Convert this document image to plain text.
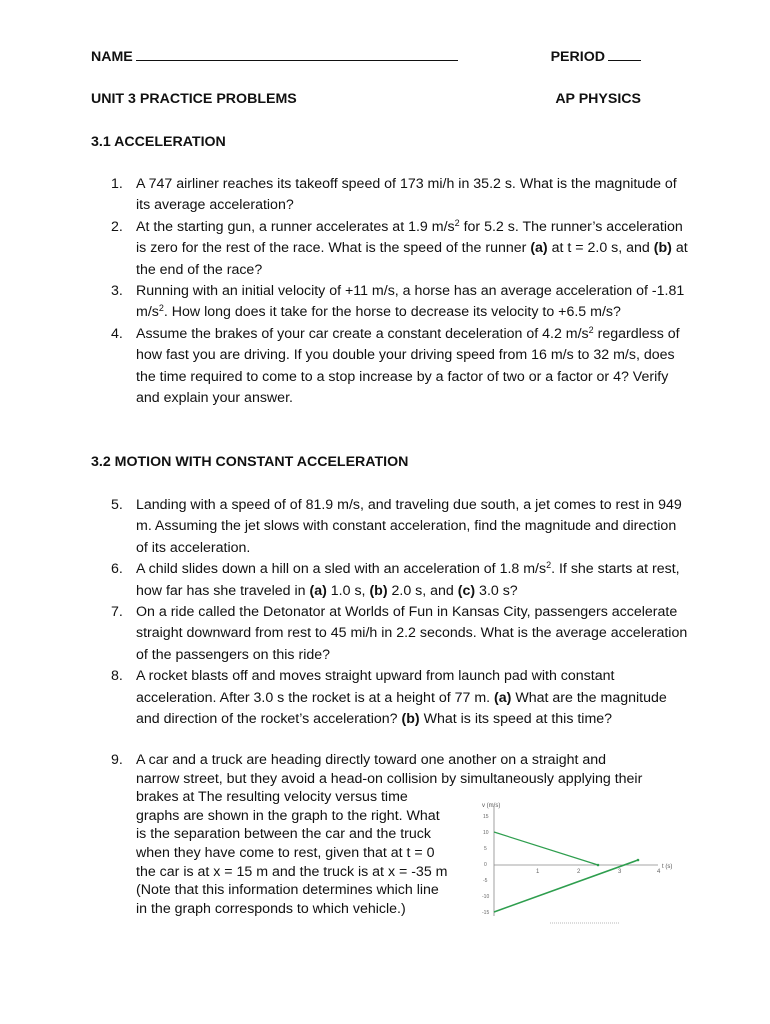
NAME	PERIOD
UNIT 3 PRACTICE PROBLEMS	AP PHYSICS
3.1 ACCELERATION
1. A 747 airliner reaches its takeoff speed of 173 mi/h in 35.2 s. What is the magnitude of its average acceleration?
2. At the starting gun, a runner accelerates at 1.9 $m/s^2$ for 5.2 s. The runner’s acceleration is zero for the rest of the race. What is the speed of the runner (a) at t = 2.0 s, and (b) at the end of the race?
3. Running with an initial velocity of +11 m/s, a horse has an average acceleration of -1.81 $m/s^2$. How long does it take for the horse to decrease its velocity to +6.5 m/s?
4. Assume the brakes of your car create a constant deceleration of 4.2 $m/s^2$ regardless of how fast you are driving. If you double your driving speed from 16 m/s to 32 m/s, does the time required to come to a stop increase by a factor of two or a factor or 4? Verify and explain your answer.
3.2 MOTION WITH CONSTANT ACCELERATION
5. Landing with a speed of of 81.9 m/s, and traveling due south, a jet comes to rest in 949 m. Assuming the jet slows with constant acceleration, find the magnitude and direction of its acceleration.
6. A child slides down a hill on a sled with an acceleration of 1.8 $m/s^2$. If she starts at rest, how far has she traveled in (a) 1.0 s, (b) 2.0 s, and (c) 3.0 s?
7. On a ride called the Detonator at Worlds of Fun in Kansas City, passengers accelerate straight downward from rest to 45 mi/h in 2.2 seconds. What is the average acceleration of the passengers on this ride?
8. A rocket blasts off and moves straight upward from launch pad with constant acceleration. After 3.0 s the rocket is at a height of 77 m. (a) What are the magnitude and direction of the rocket’s acceleration? (b) What is its speed at this time?
9. A car and a truck are heading directly toward one another on a straight and
narrow street, but they avoid a head-on collision by simultaneously applying their
brakes at The resulting velocity versus time
graphs are shown in the graph to the right. What
is the separation between the car and the truck
when they have come to rest, given that at t = 0
the car is at x = 15 m and the truck is at x = -35 m
(Note that this information determines which line
in the graph corresponds to which vehicle.)
v (m/s)
t (s)
15
10
5
0
-5
-10
-15
1	2	3	4
